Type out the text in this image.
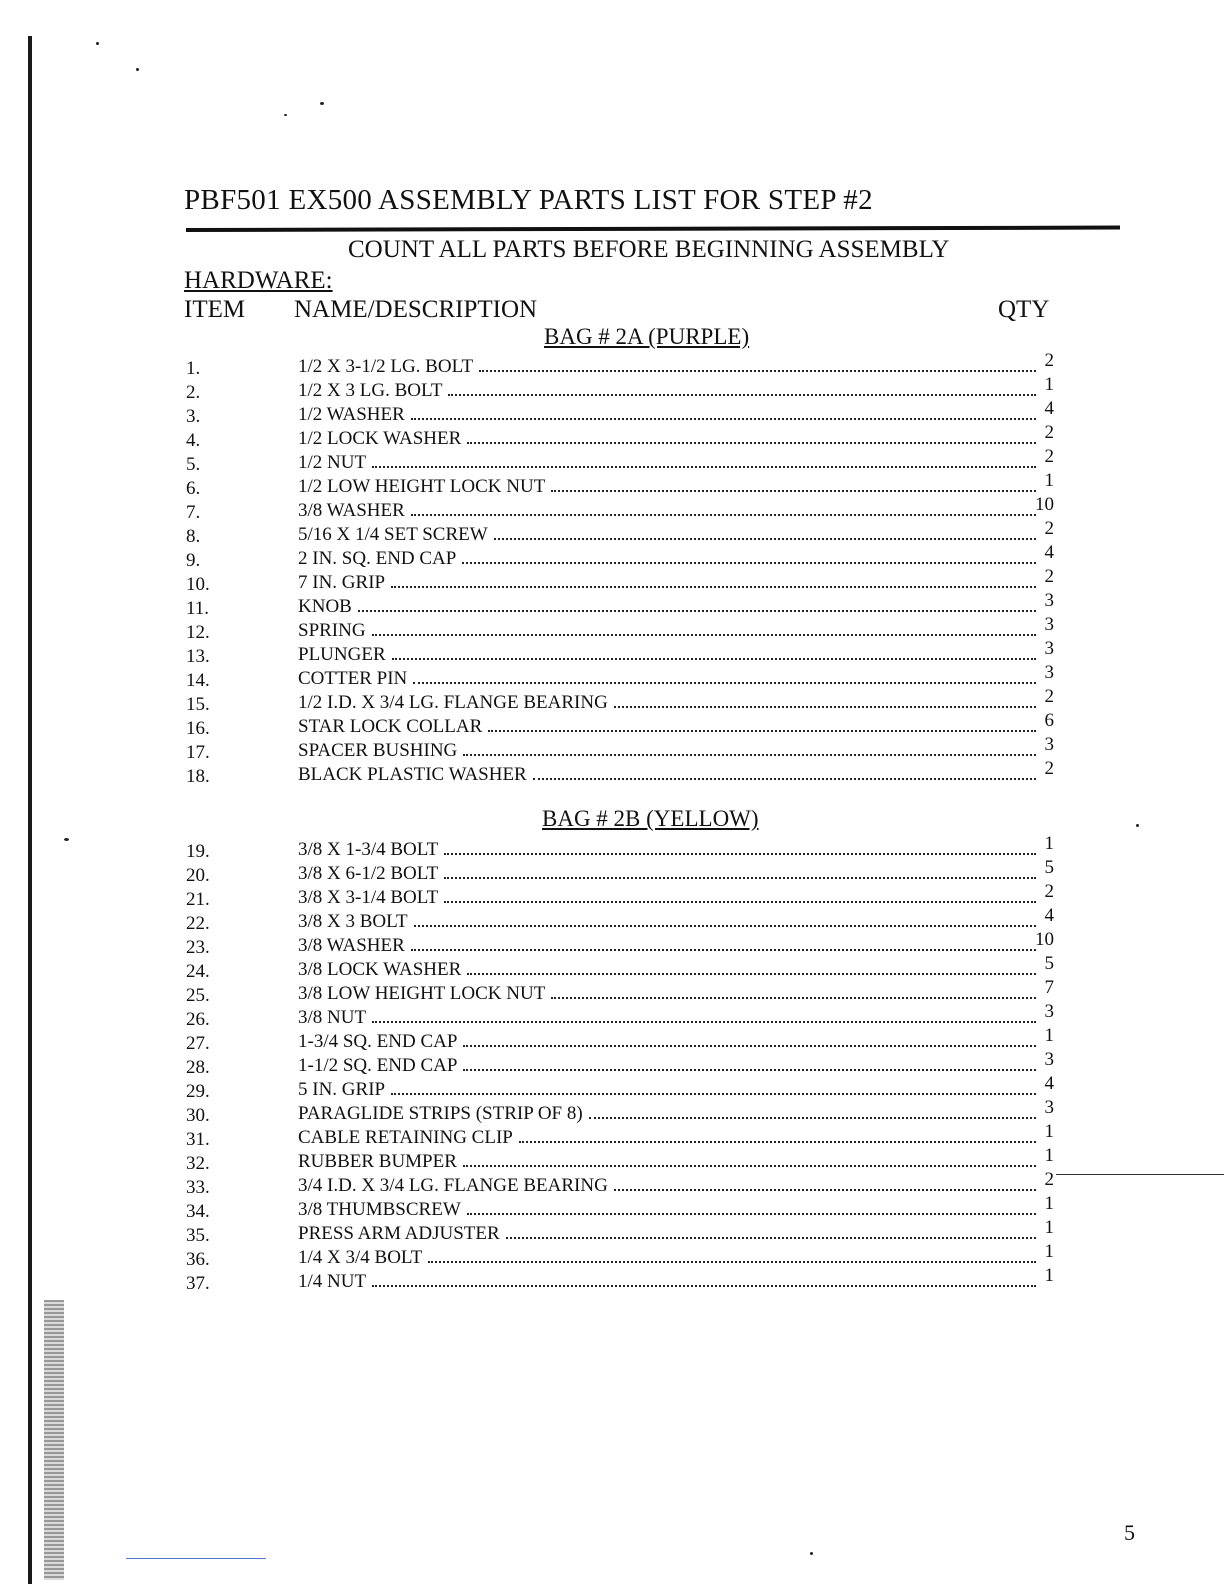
PBF501 EX500 ASSEMBLY PARTS LIST FOR STEP #2
COUNT ALL PARTS BEFORE BEGINNING ASSEMBLY
HARDWARE:
ITEM NAME/DESCRIPTION	QTY
BAG # 2A (PURPLE)
1.	1/2 X 3-1/2 LG. BOLT	2
2.	1/2 X 3 LG. BOLT	1
3.	1/2 WASHER	4
4.	1/2 LOCK WASHER	2
5.	1/2 NUT	2
6.	1/2 LOW HEIGHT LOCK NUT	1
7.	3/8 WASHER	10
8.	5/16 X 1/4 SET SCREW	2
9.	2 IN. SQ. END CAP	4
10.	7 IN. GRIP	2
11.	KNOB	3
12.	SPRING	3
13.	PLUNGER	3
14.	COTTER PIN	3
15.	1/2 I.D. X 3/4 LG. FLANGE BEARING	2
16.	STAR LOCK COLLAR	6
17.	SPACER BUSHING	3
18.	BLACK PLASTIC WASHER	2
BAG # 2B (YELLOW)
19.	3/8 X 1-3/4 BOLT	1
20.	3/8 X 6-1/2 BOLT	5
21.	3/8 X 3-1/4 BOLT	2
22.	3/8 X 3 BOLT	4
23.	3/8 WASHER	10
24.	3/8 LOCK WASHER	5
25.	3/8 LOW HEIGHT LOCK NUT	7
26.	3/8 NUT	3
27.	1-3/4 SQ. END CAP	1
28.	1-1/2 SQ. END CAP	3
29.	5 IN. GRIP	4
30.	PARAGLIDE STRIPS (STRIP OF 8)	3
31.	CABLE RETAINING CLIP	1
32.	RUBBER BUMPER	1
33.	3/4 I.D. X 3/4 LG. FLANGE BEARING	2
34.	3/8 THUMBSCREW	1
35.	PRESS ARM ADJUSTER	1
36.	1/4 X 3/4 BOLT	1
37.	1/4 NUT	1
5
